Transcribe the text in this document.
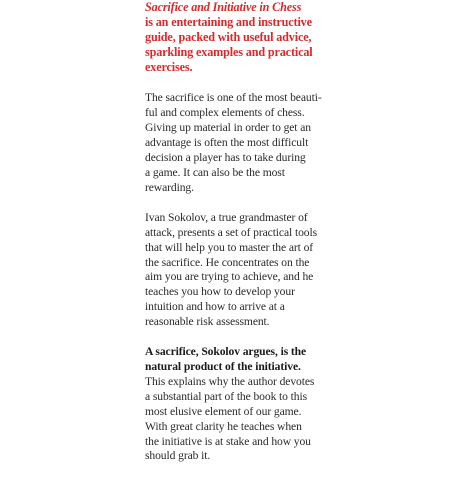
Sacrifice and Initiative in Chess
is an entertaining and instructive
guide, packed with useful advice,
sparkling examples and practical
exercises.
The sacrifice is one of the most beauti-
ful and complex elements of chess.
Giving up material in order to get an
advantage is often the most difficult
decision a player has to take during
a game. It can also be the most
rewarding.
Ivan Sokolov, a true grandmaster of
attack, presents a set of practical tools
that will help you to master the art of
the sacrifice. He concentrates on the
aim you are trying to achieve, and he
teaches you how to develop your
intuition and how to arrive at a
reasonable risk assessment.
A sacrifice, Sokolov argues, is the
natural product of the initiative.
This explains why the author devotes
a substantial part of the book to this
most elusive element of our game.
With great clarity he teaches when
the initiative is at stake and how you
should grab it.
